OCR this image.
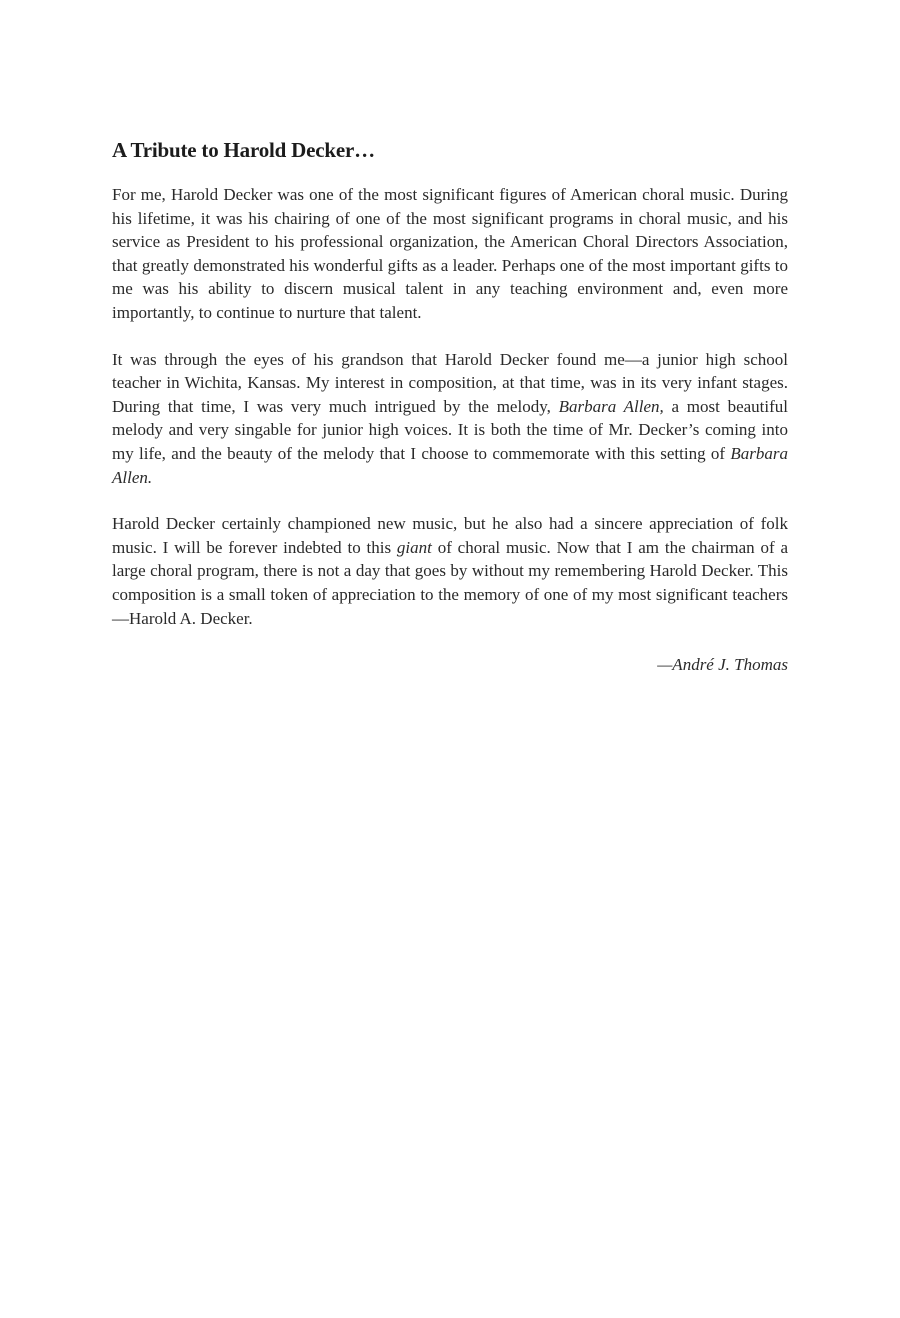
A Tribute to Harold Decker…

For me, Harold Decker was one of the most significant figures of American choral music. During his lifetime, it was his chairing of one of the most significant programs in choral music, and his service as President to his professional organization, the American Choral Directors Association, that greatly demonstrated his wonderful gifts as a leader. Perhaps one of the most important gifts to me was his ability to discern musical talent in any teaching environment and, even more importantly, to continue to nurture that talent.

It was through the eyes of his grandson that Harold Decker found me—a junior high school teacher in Wichita, Kansas. My interest in composition, at that time, was in its very infant stages. During that time, I was very much intrigued by the melody, Barbara Allen, a most beautiful melody and very singable for junior high voices. It is both the time of Mr. Decker’s coming into my life, and the beauty of the melody that I choose to commemorate with this setting of Barbara Allen.

Harold Decker certainly championed new music, but he also had a sincere appreciation of folk music. I will be forever indebted to this giant of choral music. Now that I am the chairman of a large choral program, there is not a day that goes by without my remembering Harold Decker. This composition is a small token of appreciation to the memory of one of my most significant teachers—Harold A. Decker.

—André J. Thomas
